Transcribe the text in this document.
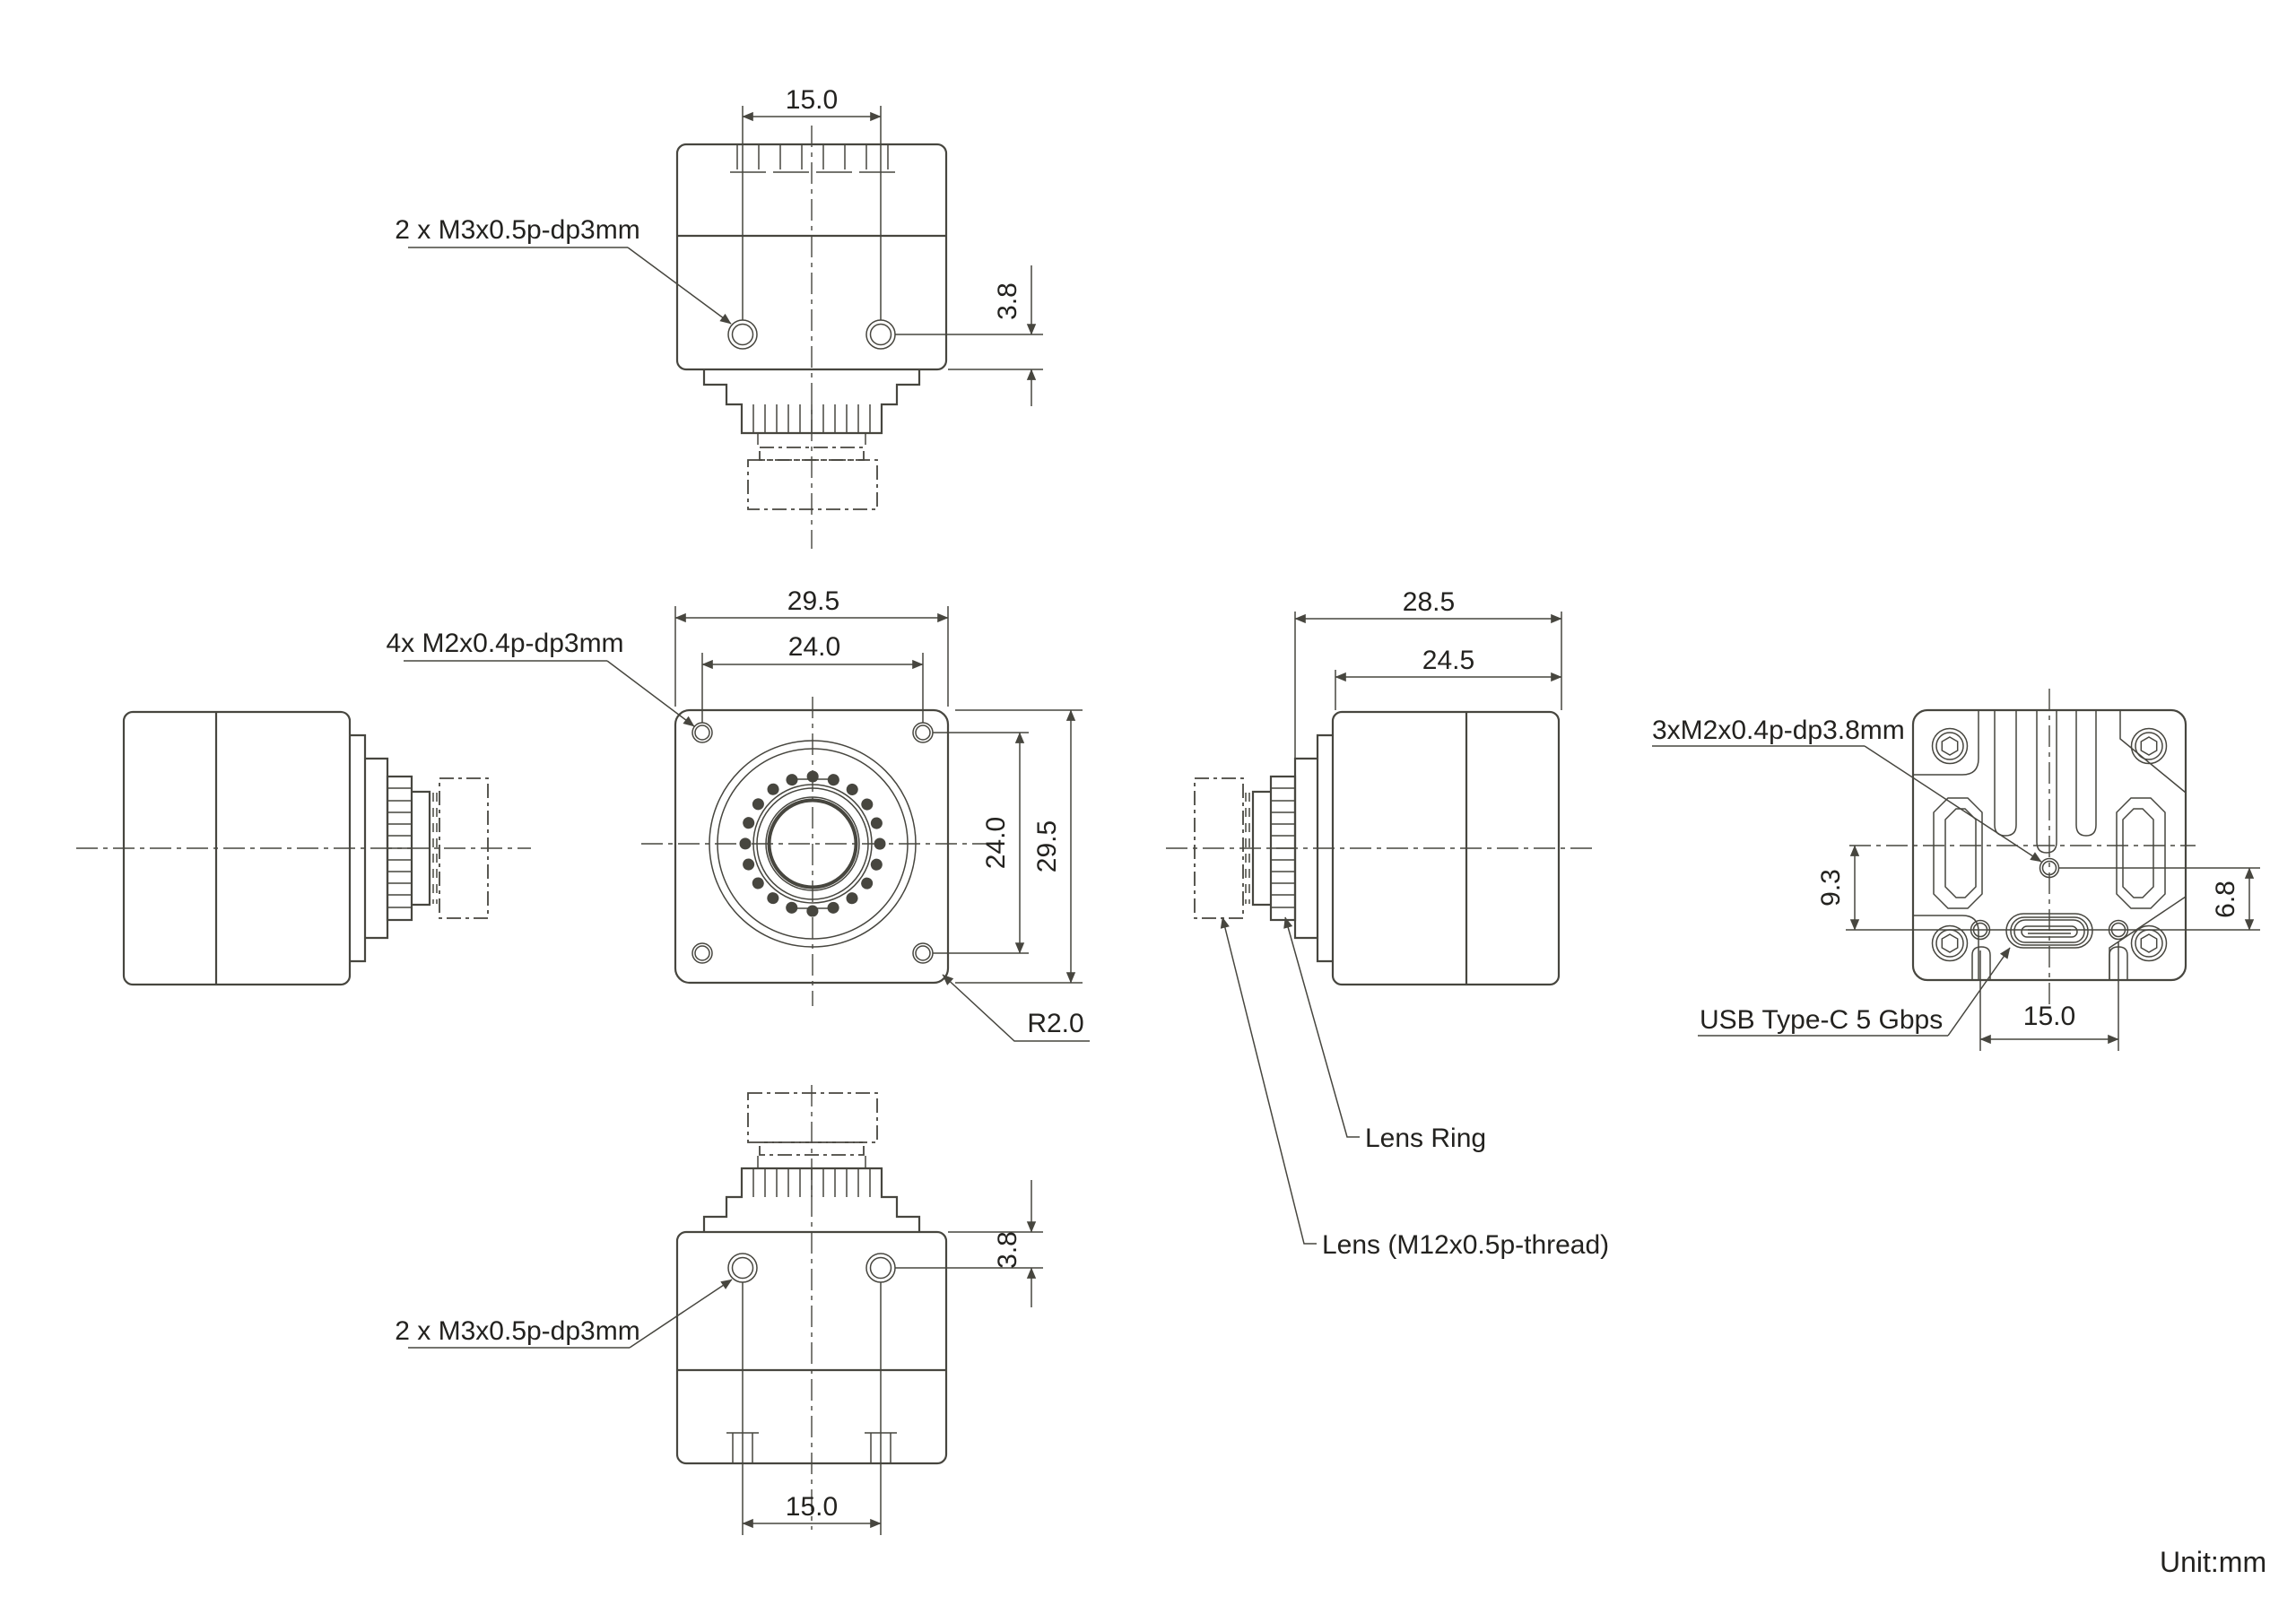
15.0
3.8
2 x M3x0.5p-dp3mm
29.5
24.0
24.0 29.5
R2.0
4x M2x0.4p-dp3mm
28.5
24.5
Lens Ring
Lens (M12x0.5p-thread)
9.3	6.8
15.0
3xM2x0.4p-dp3.8mm
USB Type-C 5 Gbps
3.8
15.0
2 x M3x0.5p-dp3mm
Unit:mm
